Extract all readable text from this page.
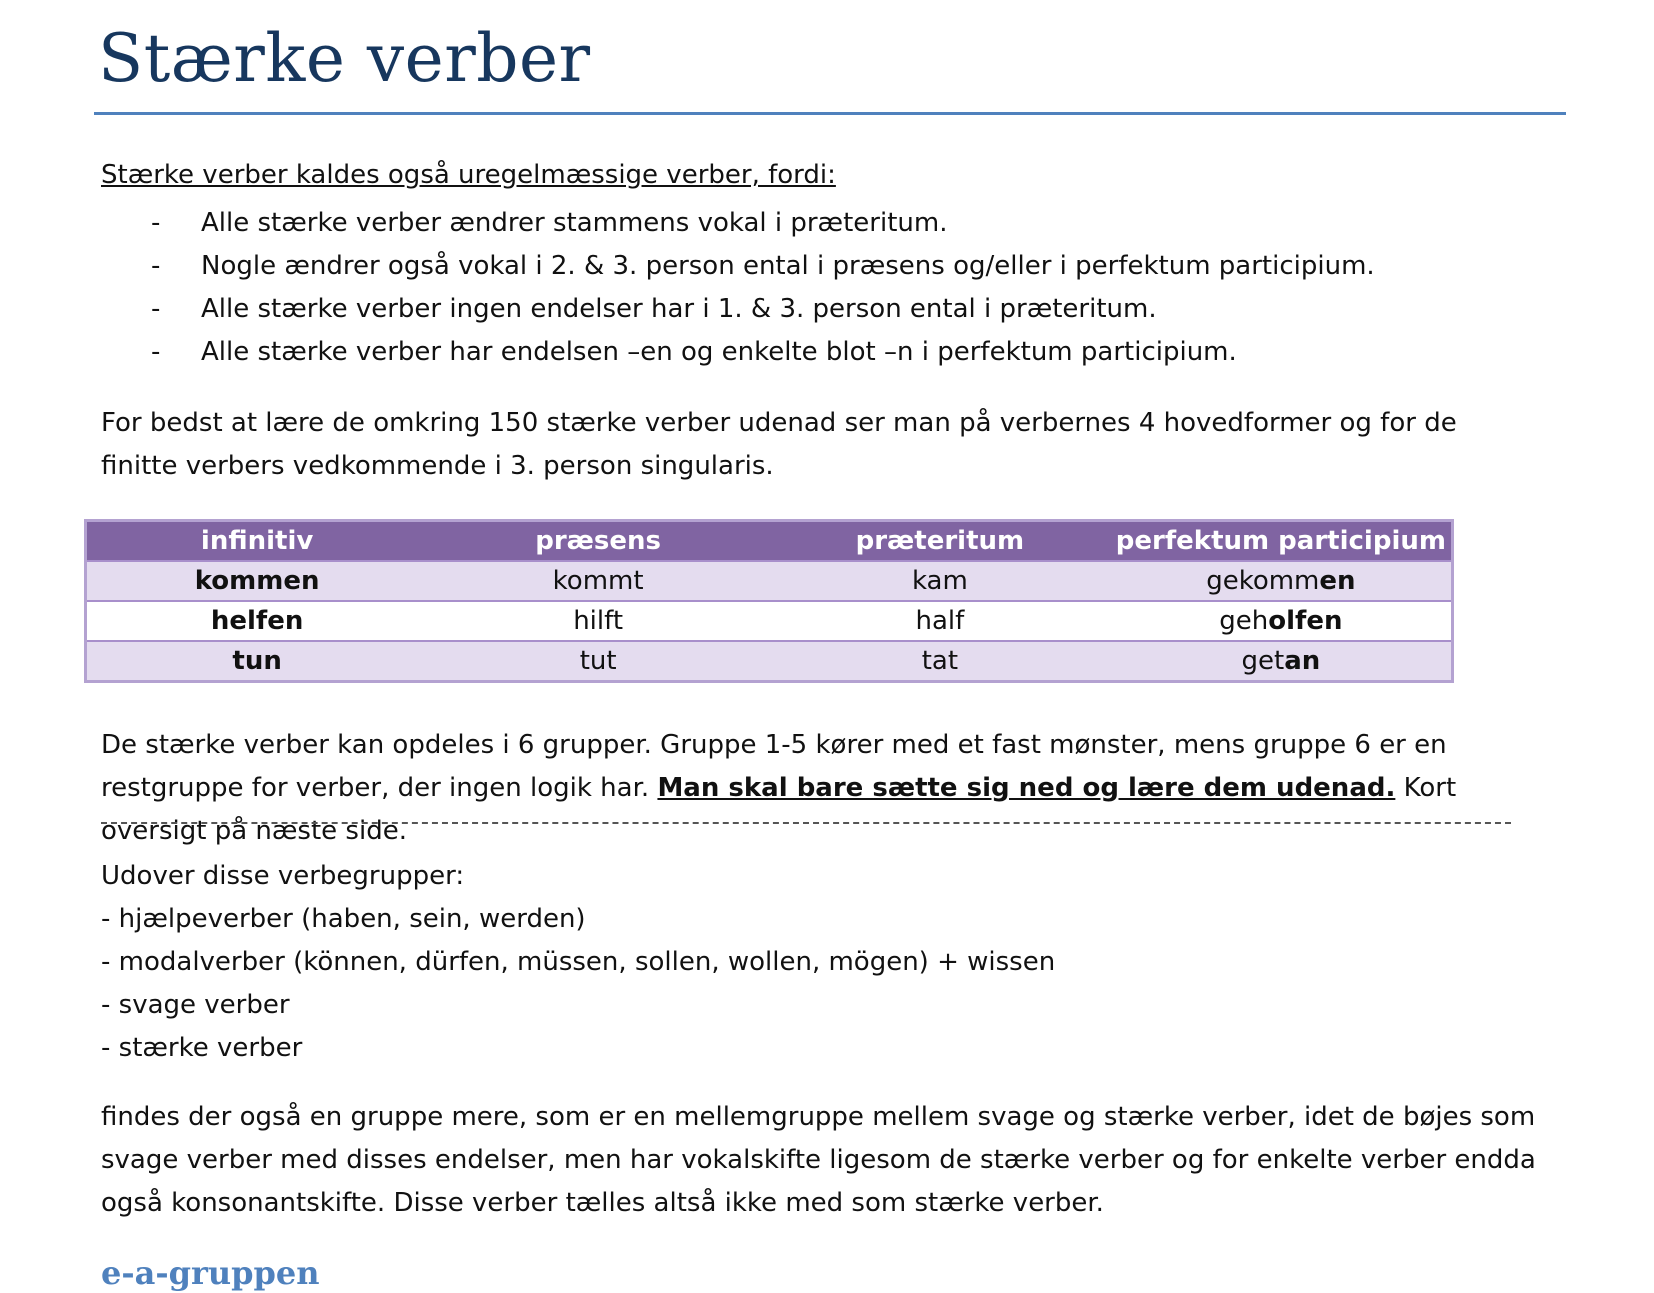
Stærke verber
Stærke verber kaldes også uregelmæssige verber, fordi:
- Alle stærke verber ændrer stammens vokal i præteritum.
- Nogle ændrer også vokal i 2. & 3. person ental i præsens og/eller i perfektum participium.
- Alle stærke verber ingen endelser har i 1. & 3. person ental i præteritum.
- Alle stærke verber har endelsen –en og enkelte blot –n i perfektum participium.
For bedst at lære de omkring 150 stærke verber udenad ser man på verbernes 4 hovedformer og for de finitte verbers vedkommende i 3. person singularis.
infinitiv	præsens	præteritum	perfektum participium
kommen	kommt	kam	gekommen
helfen	hilft	half	geholfen
tun	tut	tat	getan
De stærke verber kan opdeles i 6 grupper. Gruppe 1-5 kører med et fast mønster, mens gruppe 6 er en restgruppe for verber, der ingen logik har. Man skal bare sætte sig ned og lære dem udenad. Kort oversigt på næste side.
Udover disse verbegrupper:
- hjælpeverber (haben, sein, werden)
- modalverber (können, dürfen, müssen, sollen, wollen, mögen) + wissen
- svage verber
- stærke verber
findes der også en gruppe mere, som er en mellemgruppe mellem svage og stærke verber, idet de bøjes som svage verber med disses endelser, men har vokalskifte ligesom de stærke verber og for enkelte verber endda også konsonantskifte. Disse verber tælles altså ikke med som stærke verber.
e-a-gruppen
